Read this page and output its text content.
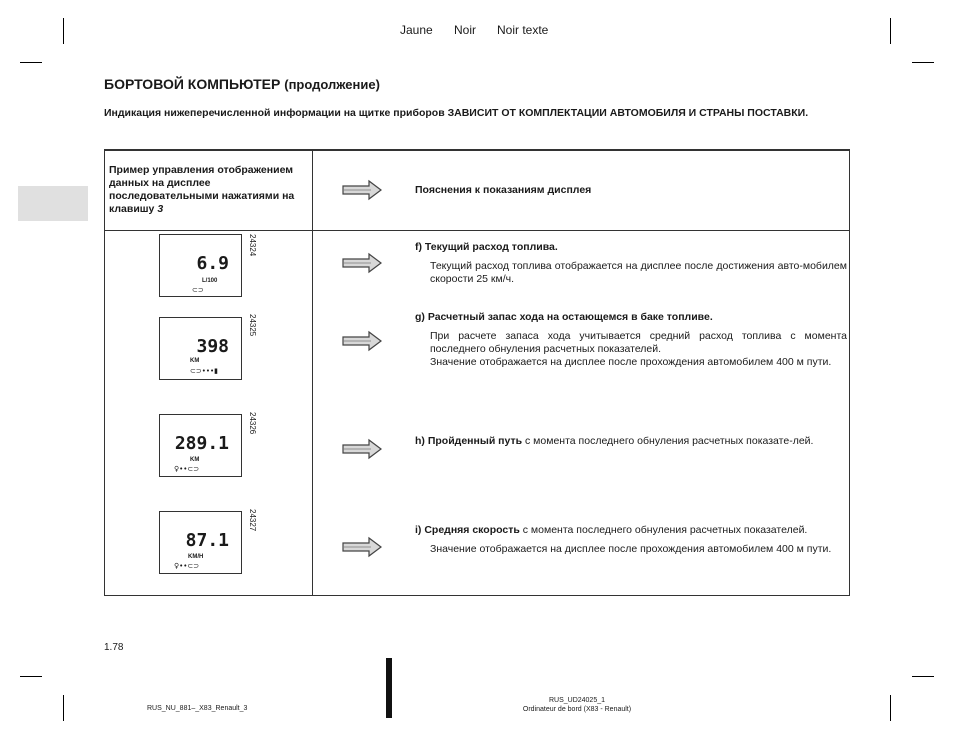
Jaune Noir Noir texte
БОРТОВОЙ КОМПЬЮТЕР (продолжение)
Индикация нижеперечисленной информации на щитке приборов ЗАВИСИТ ОТ КОМПЛЕКТАЦИИ АВТОМОБИЛЯ И СТРАНЫ ПОСТАВКИ.
Пример управления отображением данных на дисплее последовательными нажатиями на клавишу 3
Пояснения к показаниям дисплея
6.9
L/100
⊂⊃
24324	f) Текущий расход топлива.
Текущий расход топлива отображается на дисплее после достижения авто-мобилем скорости 25 км/ч.
398
KM
⊂⊃•••▮
24325	g) Расчетный запас хода на остающемся в баке топливе.
При расчете запаса хода учитывается средний расход топлива с момента последнего обнуления расчетных показателей.
Значение отображается на дисплее после прохождения автомобилем 400 м пути.
289.1
KM
♀••⊂⊃
24326
h) Пройденный путь с момента последнего обнуления расчетных показате-лей.
87.1
KM/H
♀••⊂⊃
24327	i) Средняя скорость с момента последнего обнуления расчетных показателей.
Значение отображается на дисплее после прохождения автомобилем 400 м пути.
1.78
RUS_NU_881–_X83_Renault_3
RUS_UD24025_1
Ordinateur de bord (X83 - Renault)
